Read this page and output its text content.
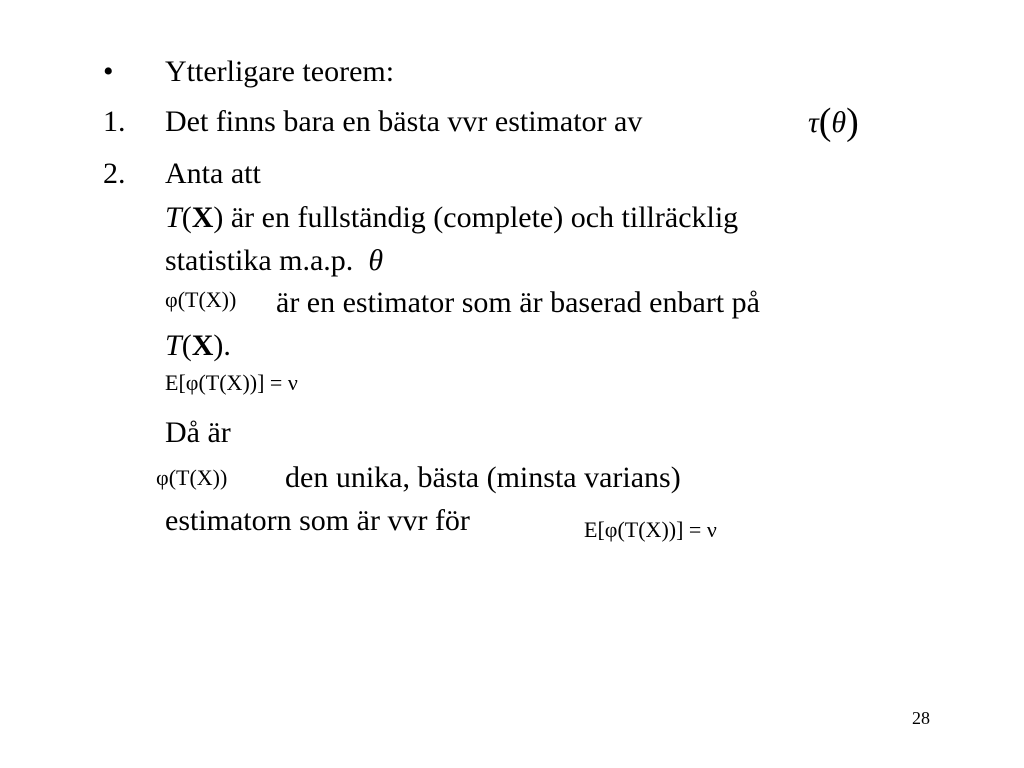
• Ytterligare teorem:
1. Det finns bara en bästa vvr estimator av	τ(θ)
2. Anta att
T(X) är en fullständig (complete) och tillräcklig
statistika m.a.p. θ
φ(T(X)) är en estimator som är baserad enbart på
T(X).
E[φ(T(X))] = ν
Då är
φ(T(X)) den unika, bästa (minsta varians)
estimatorn som är vvr för	E[φ(T(X))] = ν
28
